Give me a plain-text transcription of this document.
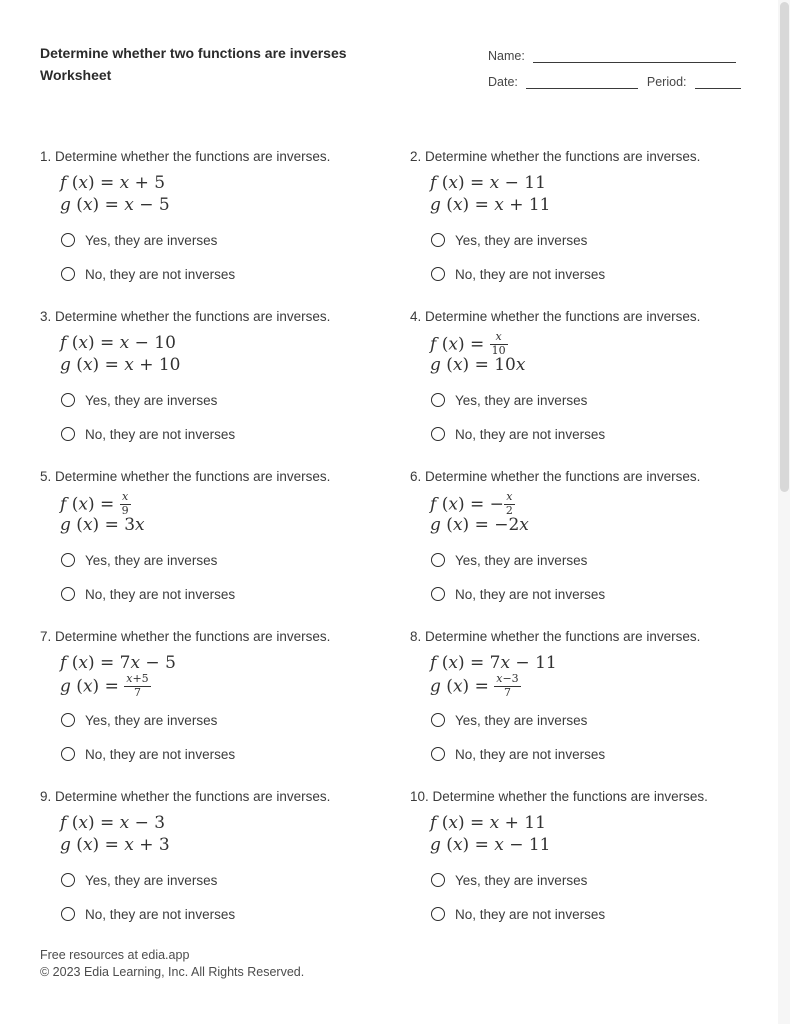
Determine whether two functions are inverses
Worksheet
Name:
Date:	Period:
1. Determine whether the functions are inverses.
f (x) = x + 5
g (x) = x − 5
Yes, they are inverses
No, they are not inverses
2. Determine whether the functions are inverses.
f (x) = x − 11
g (x) = x + 11
Yes, they are inverses
No, they are not inverses
3. Determine whether the functions are inverses.
f (x) = x − 10
g (x) = x + 10
Yes, they are inverses
No, they are not inverses
4. Determine whether the functions are inverses.
f $(x) = \frac{x}{10}$
g (x) = 10x
Yes, they are inverses
No, they are not inverses
5. Determine whether the functions are inverses.
f $(x) = \frac{x}{9}$
g (x) = 3x
Yes, they are inverses
No, they are not inverses
6. Determine whether the functions are inverses.
f (x) = − $\frac{x}{2}$
g (x) = −2x
Yes, they are inverses
No, they are not inverses
7. Determine whether the functions are inverses.
f (x) = 7x − 5
g $(x) = \frac{x+5}{7}$
Yes, they are inverses
No, they are not inverses
8. Determine whether the functions are inverses.
f (x) = 7x − 11
g $(x) = \frac{x-3}{7}$
Yes, they are inverses
No, they are not inverses
9. Determine whether the functions are inverses.
f (x) = x − 3
g (x) = x + 3
Yes, they are inverses
No, they are not inverses
10. Determine whether the functions are inverses.
f (x) = x + 11
g (x) = x − 11
Yes, they are inverses
No, they are not inverses
Free resources at edia.app
© 2023 Edia Learning, Inc. All Rights Reserved.
